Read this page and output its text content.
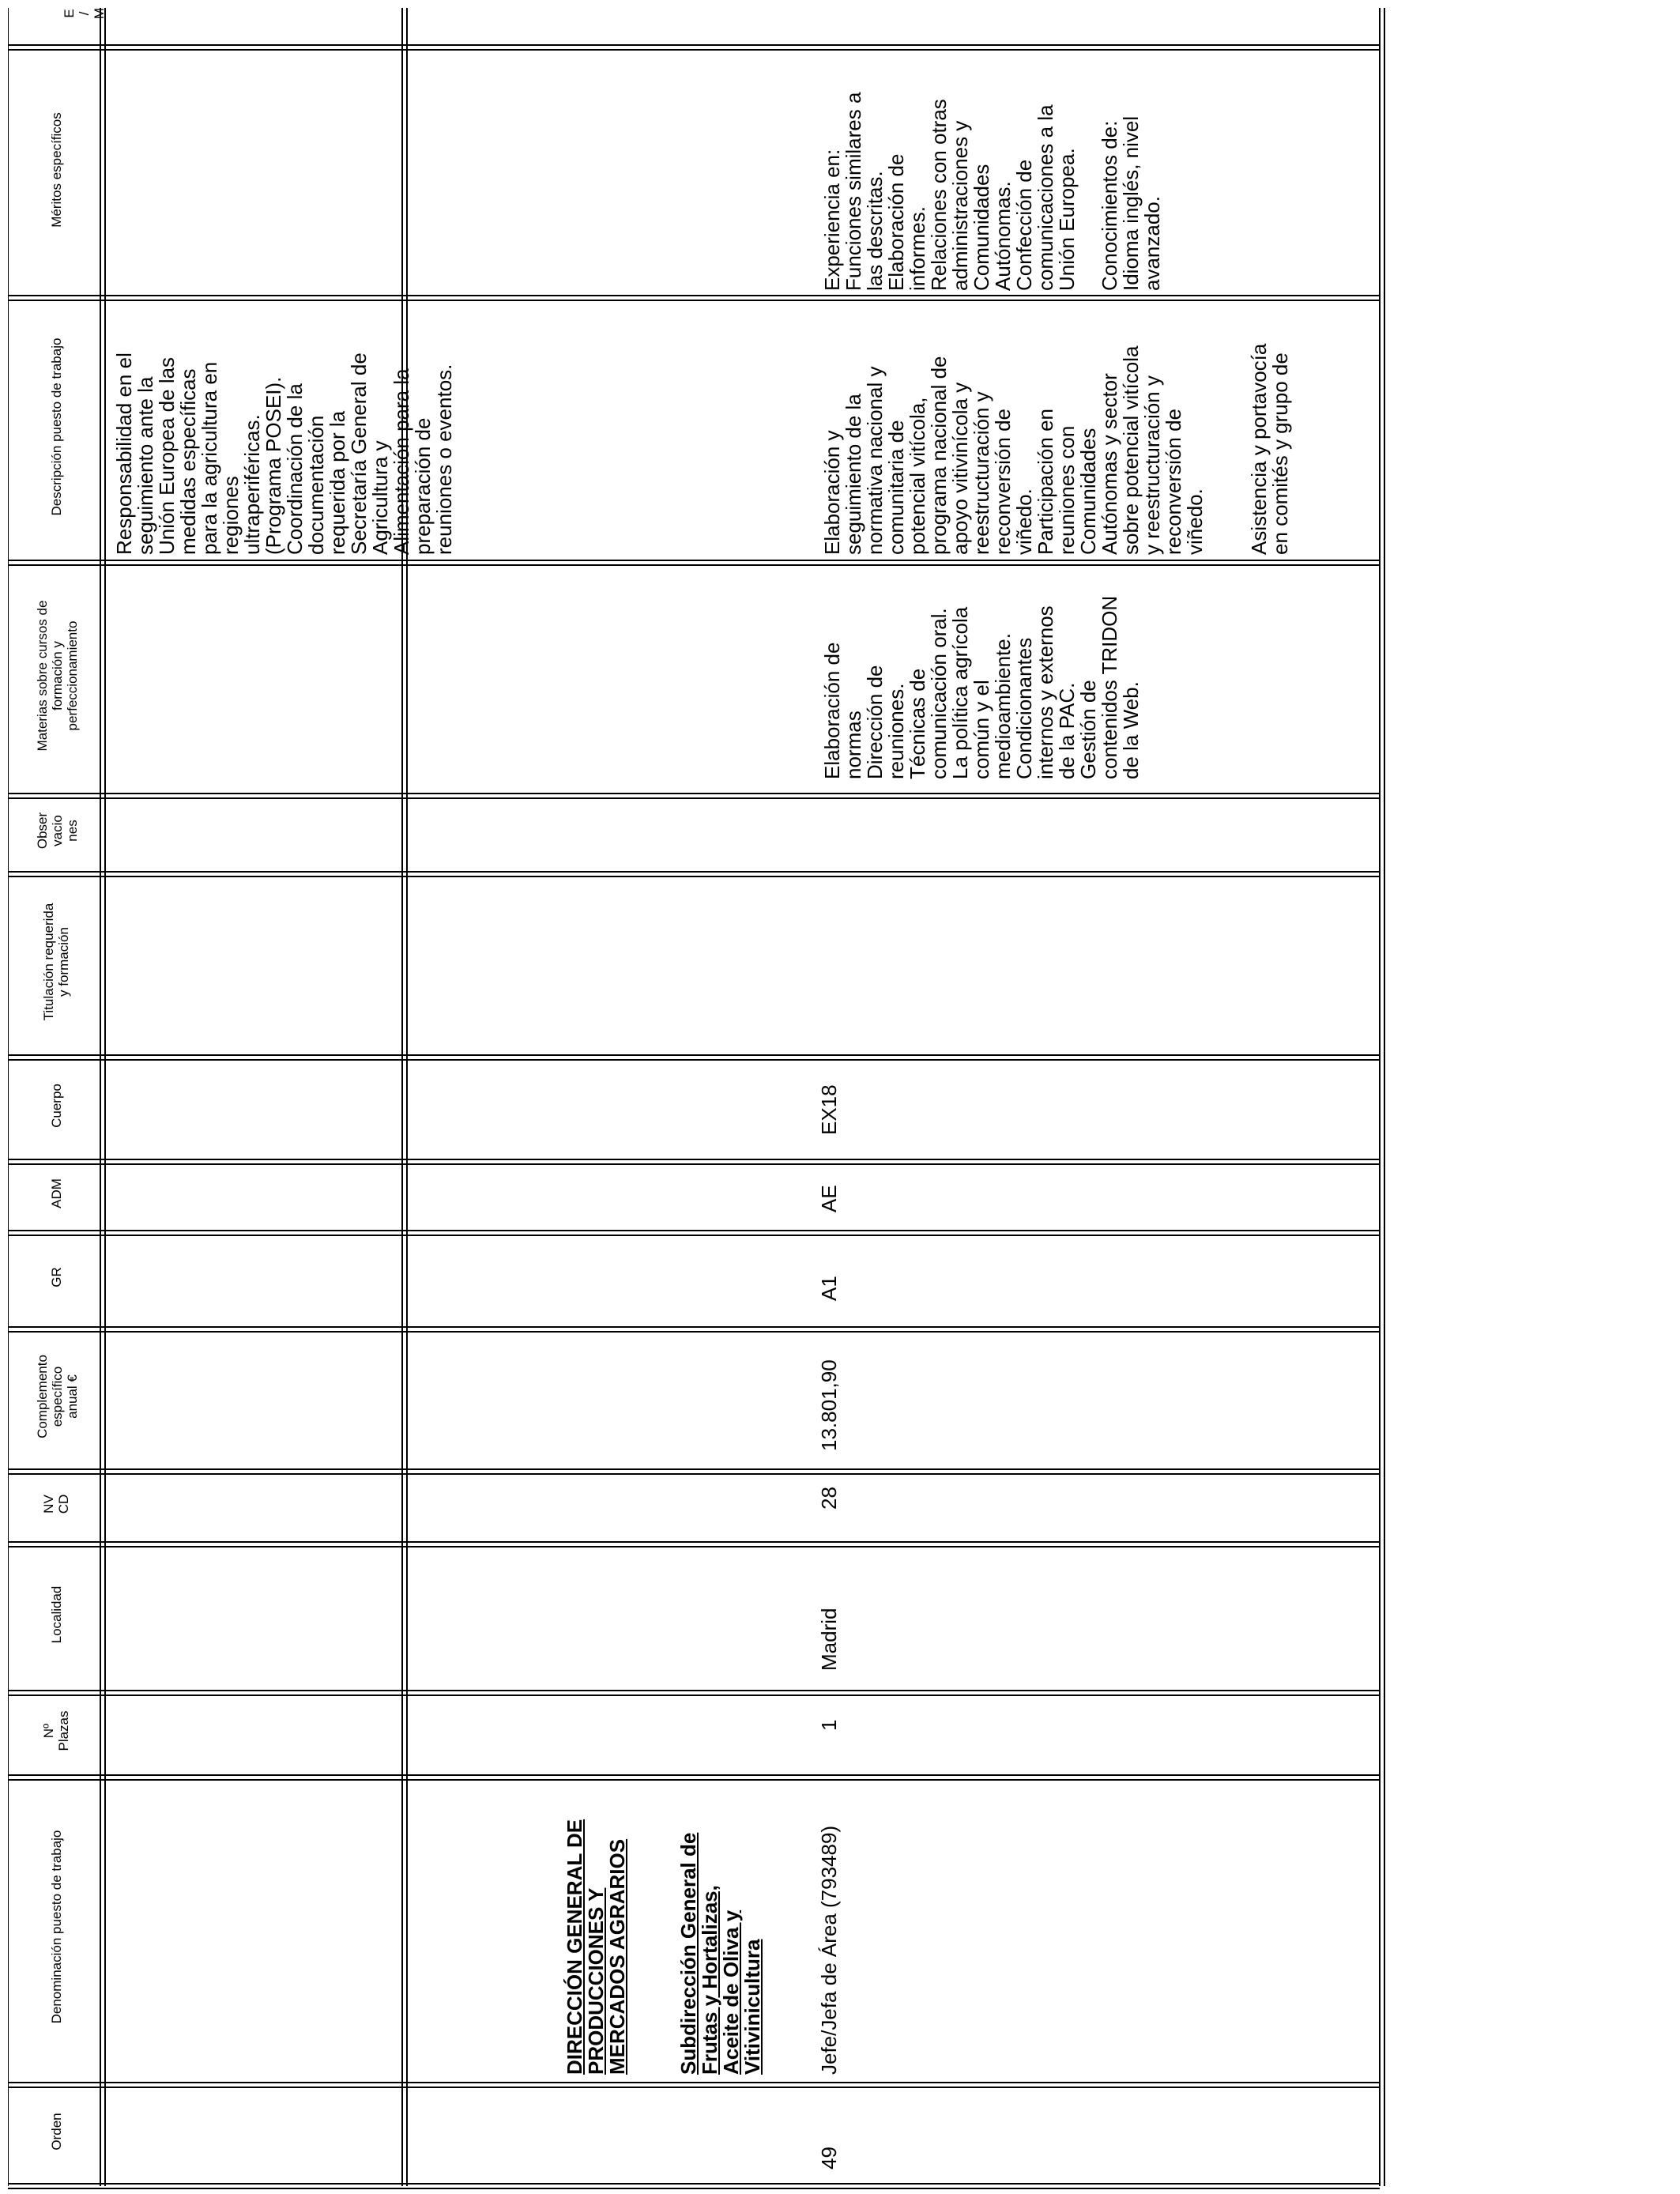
E / M
Méritos específicos
Descripción puesto de trabajo
Materias sobre cursos de formación y perfeccionamiento
Obser vacio nes
Titulación requerida y formación
Cuerpo
ADM
GR
Complemento específico anual €
NV CD
Localidad
Nº Plazas
Denominación puesto de trabajo
Orden
Responsabilidad en el
seguimiento ante la
Unión Europea de las
medidas específicas
para la agricultura en
regiones
ultraperiféricas.
(Programa POSEI).
Coordinación de la
documentación
requerida por la
Secretaría General de
Agricultura y
Alimentación para la
preparación de
reuniones o eventos.
DIRECCIÓN GENERAL DE
PRODUCCIONES Y
MERCADOS AGRARIOS Subdirección General de
Frutas y Hortalizas,
Aceite de Oliva y
Vitivinicultura
49
Jefe/Jefa de Área (793489)
1
Madrid
28
13.801,90
A1
AE
EX18
Elaboración de
normas
Dirección de
reuniones.
Técnicas de
comunicación oral.
La política agrícola
común y el
medioambiente.
Condicionantes
internos y externos
de la PAC.
Gestión de
contenidos TRIDON
de la Web.
Elaboración y
seguimiento de la
normativa nacional y
comunitaria de
potencial vitícola,
programa nacional de
apoyo vitivinícola y
reestructuración y
reconversión de
viñedo.
Participación en
reuniones con
Comunidades
Autónomas y sector
sobre potencial vitícola
y reestructuración y
reconversión de
viñedo. Asistencia y portavocía
en comités y grupo de
Experiencia en:
Funciones similares a
las descritas.
Elaboración de
informes.
Relaciones con otras
administraciones y
Comunidades
Autónomas.
Confección de
comunicaciones a la
Unión Europea. Conocimientos de:
Idioma inglés, nivel
avanzado.
